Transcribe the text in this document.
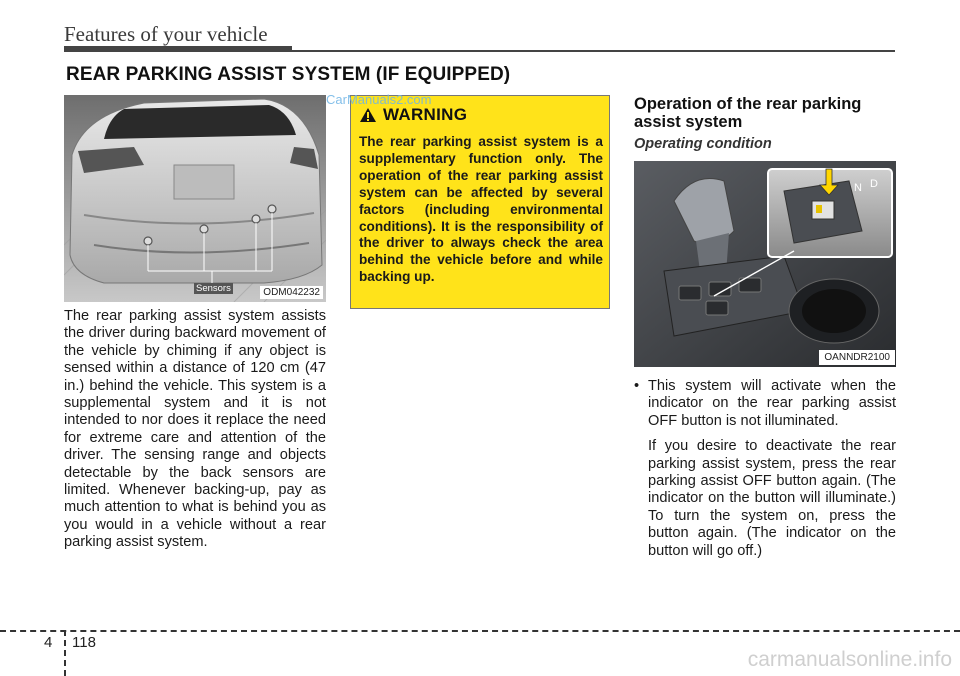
Features of your vehicle
REAR PARKING ASSIST SYSTEM (IF EQUIPPED)
Sensors	ODM042232
The rear parking assist system assists the driver during backward movement of the vehicle by chiming if any object is sensed within a distance of 120 cm (47 in.) behind the vehicle. This system is a supplemental system and it is not intended to nor does it replace the need for extreme care and attention of the driver. The sensing range and objects detectable by the back sensors are limited. Whenever backing-up, pay as much attention to what is behind you as you would in a vehicle without a rear parking assist system.
WARNING
The rear parking assist system is a supplementary function only. The operation of the rear parking assist system can be affected by several factors (including environmental conditions). It is the responsibility of the driver to always check the area behind the vehicle before and while backing up.
Operation of the rear parking assist system
Operating condition
N D
OANNDR2100
• This system will activate when the indicator on the rear parking assist OFF button is not illuminated.
If you desire to deactivate the rear parking assist system, press the rear parking assist OFF button again. (The indicator on the button will illuminate.) To turn the system on, press the button again. (The indicator on the button will go off.)
4 118
CarManuals2.com
carmanualsonline.info
